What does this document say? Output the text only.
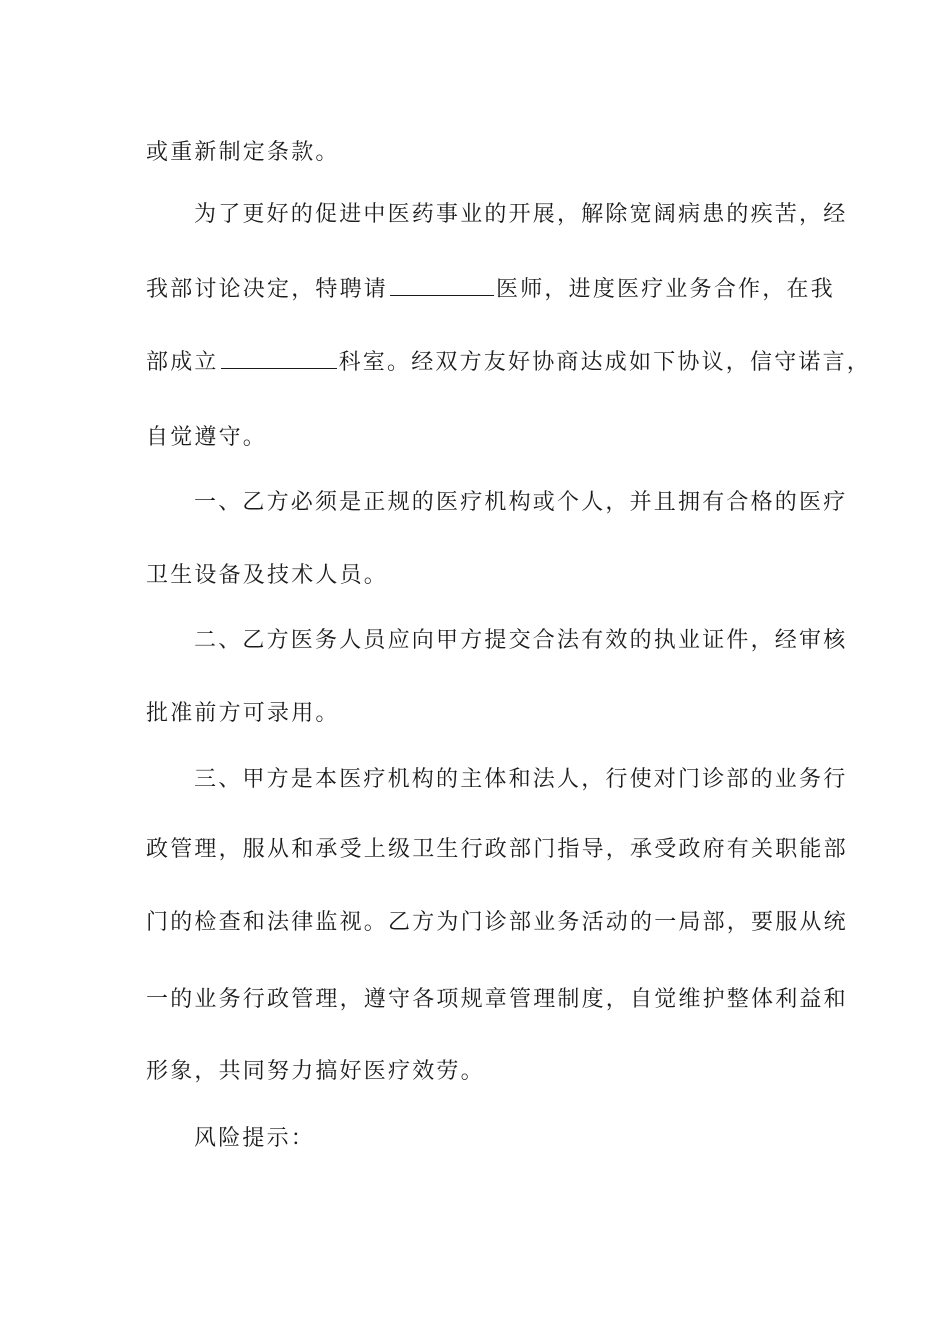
或重新制定条款。
为了更好的促进中医药事业的开展，解除宽阔病患的疾苦，经
我部讨论决定，特聘请	医师，进度医疗业务合作，在我
部成立	科室。经双方友好协商达成如下协议，信守诺言，
自觉遵守。
一、乙方必须是正规的医疗机构或个人，并且拥有合格的医疗
卫生设备及技术人员。
二、乙方医务人员应向甲方提交合法有效的执业证件，经审核
批准前方可录用。
三、甲方是本医疗机构的主体和法人，行使对门诊部的业务行
政管理，服从和承受上级卫生行政部门指导，承受政府有关职能部
门的检查和法律监视。乙方为门诊部业务活动的一局部，要服从统
一的业务行政管理，遵守各项规章管理制度，自觉维护整体利益和
形象，共同努力搞好医疗效劳。
风险提示：
